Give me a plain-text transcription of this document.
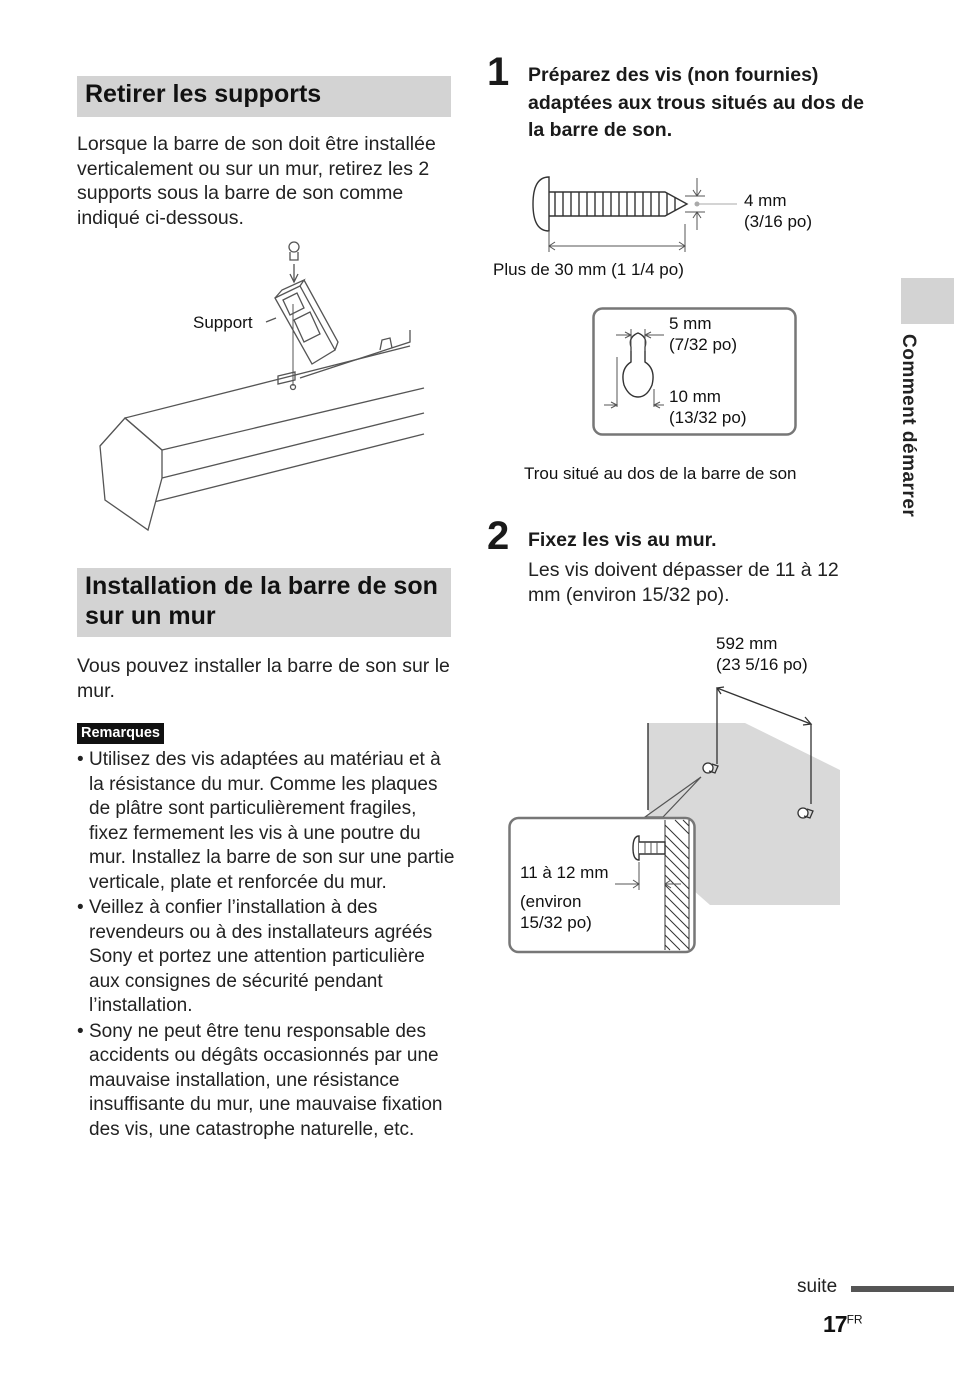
Retirer les supports
Lorsque la barre de son doit être installée verticalement ou sur un mur, retirez les 2 supports sous la barre de son comme indiqué ci-dessous.
Support
Installation de la barre de son sur un mur
Vous pouvez installer la barre de son sur le mur.
Remarques
• Utilisez des vis adaptées au matériau et à la résistance du mur. Comme les plaques de plâtre sont particulièrement fragiles, fixez fermement les vis à une poutre du mur. Installez la barre de son sur une partie verticale, plate et renforcée du mur.
• Veillez à confier l’installation à des revendeurs ou à des installateurs agréés Sony et portez une attention particulière aux consignes de sécurité pendant l’installation.
• Sony ne peut être tenu responsable des accidents ou dégâts occasionnés par une mauvaise installation, une résistance insuffisante du mur, une mauvaise fixation des vis, une catastrophe naturelle, etc.
1 Préparez des vis (non fournies) adaptées aux trous situés au dos de la barre de son.
4 mm
(3/16 po)
Plus de 30 mm (1 1/4 po)
5 mm
(7/32 po)
10 mm
(13/32 po)
Trou situé au dos de la barre de son
2 Fixez les vis au mur.
Les vis doivent dépasser de 11 à 12 mm (environ 15/32 po).
592 mm
(23 5/16 po)
11 à 12 mm
(environ
15/32 po)
Comment démarrer
suite
$17^{FR}$
